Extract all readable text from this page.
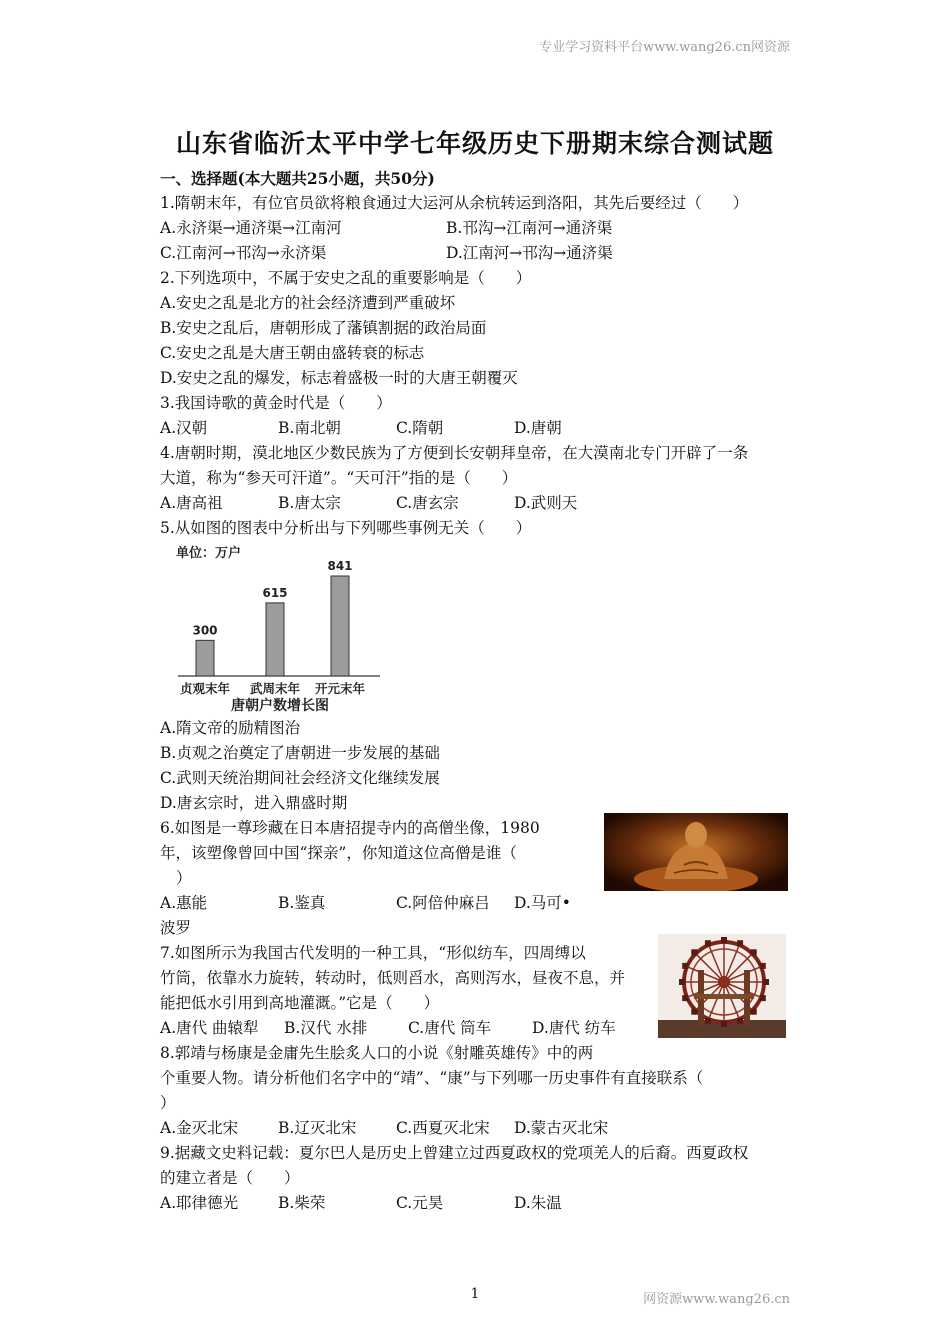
专业学习资料平台www.wang26.cn网资源
山东省临沂太平中学七年级历史下册期末综合测试题
一、选择题(本大题共25小题，共50分)
1.隋朝末年，有位官员欲将粮食通过大运河从余杭转运到洛阳，其先后要经过（　　）
A.永济渠→通济渠→江南河	B.邗沟→江南河→通济渠
C.江南河→邗沟→永济渠	D.江南河→邗沟→通济渠
2.下列选项中，不属于安史之乱的重要影响是（　　）
A.安史之乱是北方的社会经济遭到严重破坏
B.安史之乱后，唐朝形成了藩镇割据的政治局面
C.安史之乱是大唐王朝由盛转衰的标志
D.安史之乱的爆发，标志着盛极一时的大唐王朝覆灭
3.我国诗歌的黄金时代是（　　）
A.汉朝	B.南北朝	C.隋朝	D.唐朝
4.唐朝时期，漠北地区少数民族为了方便到长安朝拜皇帝，在大漠南北专门开辟了一条
大道，称为“参天可汗道”。“天可汗”指的是（　　）
A.唐高祖	B.唐太宗	C.唐玄宗	D.武则天
5.从如图的图表中分析出与下列哪些事例无关（　　）
单位：万户
300
贞观末年
615
武周末年
841
开元末年
唐朝户数增长图
A.隋文帝的励精图治
B.贞观之治奠定了唐朝进一步发展的基础
C.武则天统治期间社会经济文化继续发展
D.唐玄宗时，进入鼎盛时期
6.如图是一尊珍藏在日本唐招提寺内的高僧坐像，1980
年，该塑像曾回中国“探亲”，你知道这位高僧是谁（
）
A.惠能	B.鉴真	C.阿倍仲麻吕	D.马可•
波罗
7.如图所示为我国古代发明的一种工具，“形似纺车，四周缚以
竹筒，依靠水力旋转，转动时，低则舀水，高则泻水，昼夜不息，并
能把低水引用到高地灌溉。”它是（　　）
A.唐代 曲辕犁	B.汉代 水排	C.唐代 筒车	D.唐代 纺车
8.郭靖与杨康是金庸先生脍炙人口的小说《射雕英雄传》中的两
个重要人物。请分析他们名字中的“靖”、“康”与下列哪一历史事件有直接联系（
）
A.金灭北宋	B.辽灭北宋	C.西夏灭北宋	D.蒙古灭北宋
9.据藏文史料记载：夏尔巴人是历史上曾建立过西夏政权的党项羌人的后裔。西夏政权
的建立者是（　　）
A.耶律德光	B.柴荣	C.元昊	D.朱温
1	网资源www.wang26.cn
